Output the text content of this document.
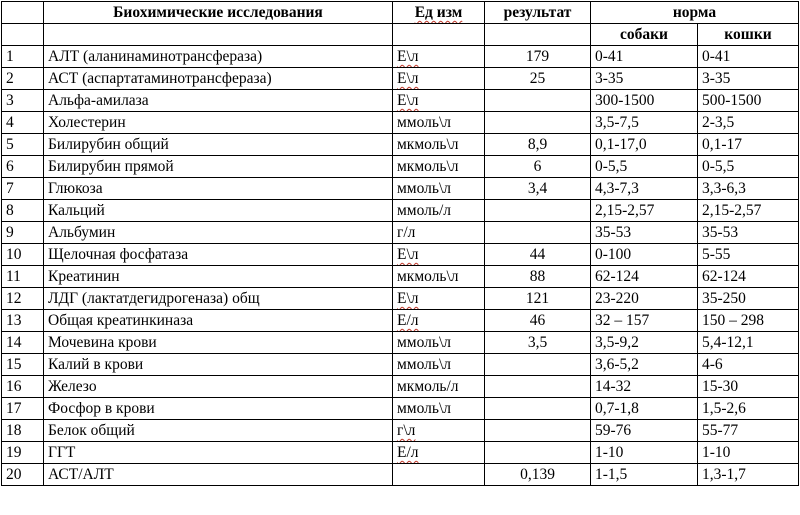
	Биохимические исследования	Ед изм	результат	норма	
				собаки	кошки
1	АЛТ (аланинаминотрансфераза)	Е\л	179	0-41	0-41
2	АСТ (аспартатаминотрансфераза)	Е\л	25	3-35	3-35
3	Альфа-амилаза	Е\л		300-1500	500-1500
4	Холестерин	ммоль\л		3,5-7,5	2-3,5
5	Билирубин общий	мкмоль\л	8,9	0,1-17,0	0,1-17
6	Билирубин прямой	мкмоль\л	6	0-5,5	0-5,5
7	Глюкоза	ммоль\л	3,4	4,3-7,3	3,3-6,3
8	Кальций	ммоль/л		2,15-2,57	2,15-2,57
9	Альбумин	г/л		35-53	35-53
10	Щелочная фосфатаза	Е\л	44	0-100	5-55
11	Креатинин	мкмоль\л	88	62-124	62-124
12	ЛДГ (лактатдегидрогеназа) общ	Е\л	121	23-220	35-250
13	Общая креатинкиназа	Е/л	46	32 – 157	150 – 298
14	Мочевина крови	ммоль\л	3,5	3,5-9,2	5,4-12,1
15	Калий в крови	ммоль\л		3,6-5,2	4-6
16	Железо	мкмоль/л		14-32	15-30
17	Фосфор в крови	ммоль\л		0,7-1,8	1,5-2,6
18	Белок общий	г\л		59-76	55-77
19	ГГТ	Е/л		1-10	1-10
20	АСТ/АЛТ		0,139	1-1,5	1,3-1,7
